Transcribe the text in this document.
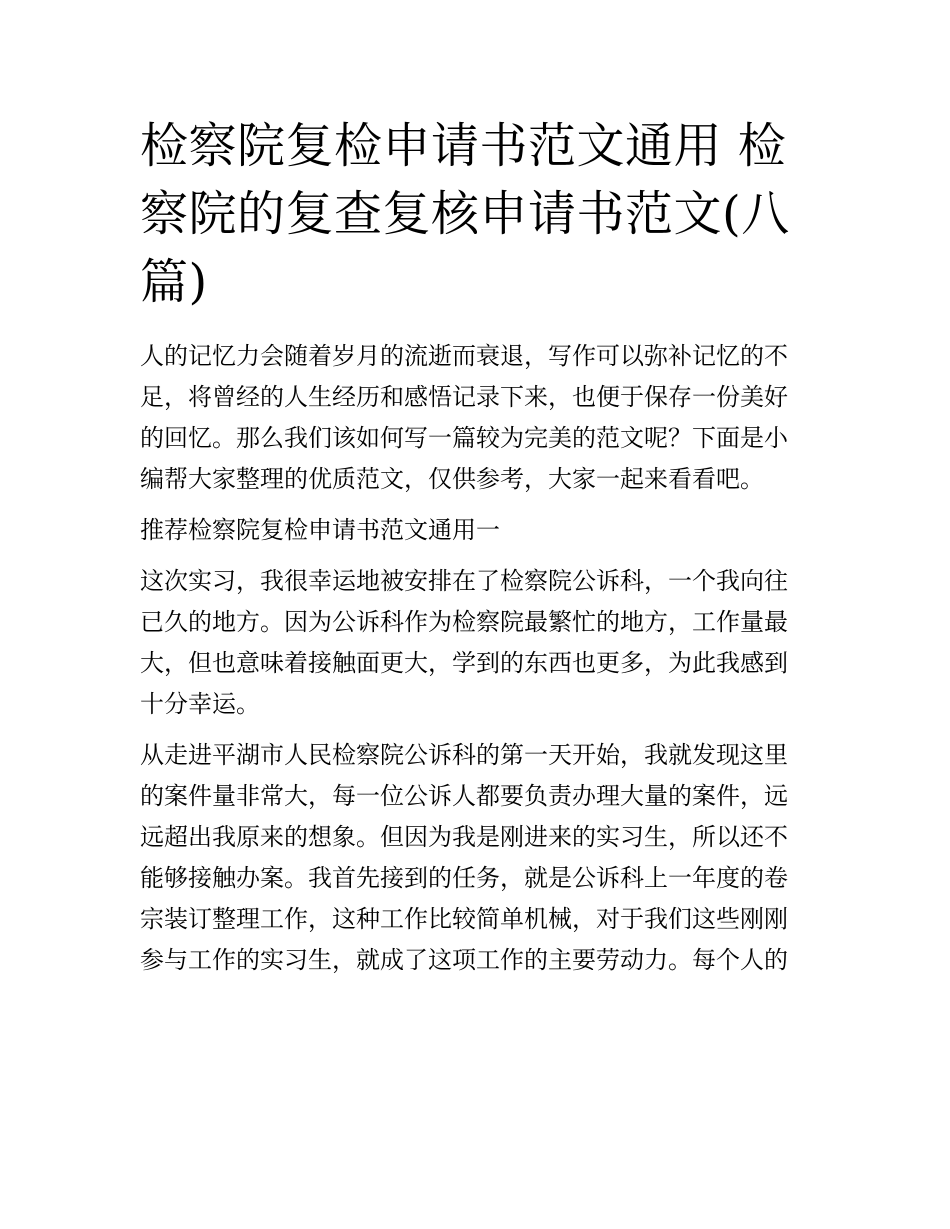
检察院复检申请书范文通用 检
察院的复查复核申请书范文(八
篇)

人的记忆力会随着岁月的流逝而衰退，写作可以弥补记忆的不
足，将曾经的人生经历和感悟记录下来，也便于保存一份美好
的回忆。那么我们该如何写一篇较为完美的范文呢？下面是小
编帮大家整理的优质范文，仅供参考，大家一起来看看吧。

推荐检察院复检申请书范文通用一

这次实习，我很幸运地被安排在了检察院公诉科，一个我向往
已久的地方。因为公诉科作为检察院最繁忙的地方，工作量最
大，但也意味着接触面更大，学到的东西也更多，为此我感到
十分幸运。

从走进平湖市人民检察院公诉科的第一天开始，我就发现这里
的案件量非常大，每一位公诉人都要负责办理大量的案件，远
远超出我原来的想象。但因为我是刚进来的实习生，所以还不
能够接触办案。我首先接到的任务，就是公诉科上一年度的卷
宗装订整理工作，这种工作比较简单机械，对于我们这些刚刚
参与工作的实习生，就成了这项工作的主要劳动力。每个人的
